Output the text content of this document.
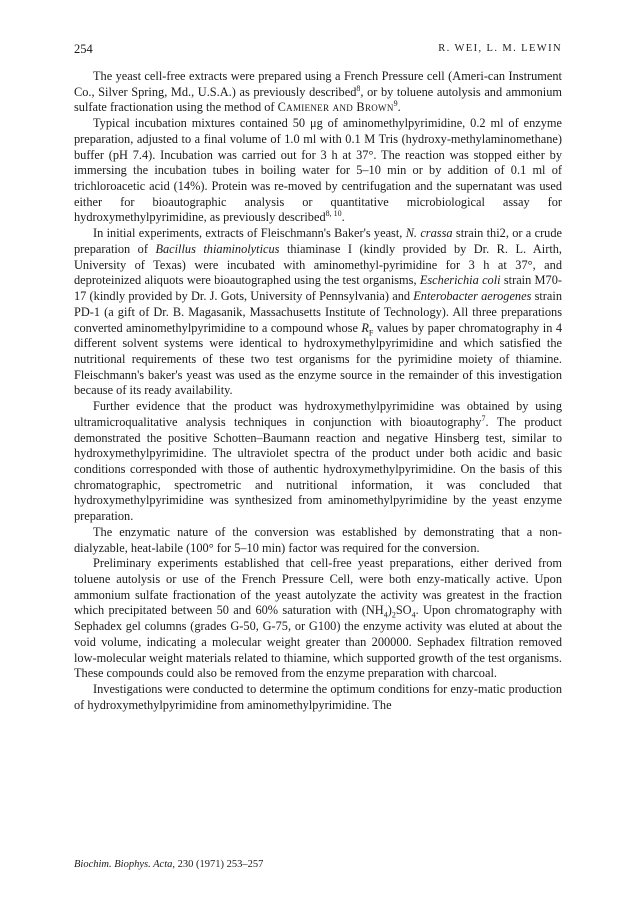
254	R. WEI, L. M. LEWIN

The yeast cell-free extracts were prepared using a French Pressure cell (Ameri-can Instrument Co., Silver Spring, Md., U.S.A.) as previously described$^8$, or by toluene autolysis and ammonium sulfate fractionation using the method of Camiener and Brown$^9$.

Typical incubation mixtures contained 50 μg of aminomethylpyrimidine, 0.2 ml of enzyme preparation, adjusted to a final volume of 1.0 ml with 0.1 M Tris (hydroxy-methylaminomethane) buffer (pH 7.4). Incubation was carried out for 3 h at 37°. The reaction was stopped either by immersing the incubation tubes in boiling water for 5–10 min or by addition of 0.1 ml of trichloroacetic acid (14%). Protein was re-moved by centrifugation and the supernatant was used either for bioautographic analysis or quantitative microbiological assay for hydroxymethylpyrimidine, as previously described$^{8, 10}$.

In initial experiments, extracts of Fleischmann's Baker's yeast, N. crassa strain thi2, or a crude preparation of Bacillus thiaminolyticus thiaminase I (kindly provided by Dr. R. L. Airth, University of Texas) were incubated with aminomethyl-pyrimidine for 3 h at 37°, and deproteinized aliquots were bioautographed using the test organisms, Escherichia coli strain M70-17 (kindly provided by Dr. J. Gots, University of Pennsylvania) and Enterobacter aerogenes strain PD-1 (a gift of Dr. B. Magasanik, Massachusetts Institute of Technology). All three preparations converted aminomethylpyrimidine to a compound whose $R_F$ values by paper chromatography in 4 different solvent systems were identical to hydroxymethylpyrimidine and which satisfied the nutritional requirements of these two test organisms for the pyrimidine moiety of thiamine. Fleischmann's baker's yeast was used as the enzyme source in the remainder of this investigation because of its ready availability.

Further evidence that the product was hydroxymethylpyrimidine was obtained by using ultramicroqualitative analysis techniques in conjunction with bioautography$^7$. The product demonstrated the positive Schotten–Baumann reaction and negative Hinsberg test, similar to hydroxymethylpyrimidine. The ultraviolet spectra of the product under both acidic and basic conditions corresponded with those of authentic hydroxymethylpyrimidine. On the basis of this chromatographic, spectrometric and nutritional information, it was concluded that hydroxymethylpyrimidine was synthesized from aminomethylpyrimidine by the yeast enzyme preparation.

The enzymatic nature of the conversion was established by demonstrating that a non-dialyzable, heat-labile (100° for 5–10 min) factor was required for the conversion.

Preliminary experiments established that cell-free yeast preparations, either derived from toluene autolysis or use of the French Pressure Cell, were both enzy-matically active. Upon ammonium sulfate fractionation of the yeast autolyzate the activity was greatest in the fraction which precipitated between 50 and 60% saturation with $(NH_4)_2SO_4$. Upon chromatography with Sephadex gel columns (grades G-50, G-75, or G100) the enzyme activity was eluted at about the void volume, indicating a molecular weight greater than 200000. Sephadex filtration removed low-molecular weight materials related to thiamine, which supported growth of the test organisms. These compounds could also be removed from the enzyme preparation with charcoal.

Investigations were conducted to determine the optimum conditions for enzy-matic production of hydroxymethylpyrimidine from aminomethylpyrimidine. The

Biochim. Biophys. Acta, 230 (1971) 253–257
